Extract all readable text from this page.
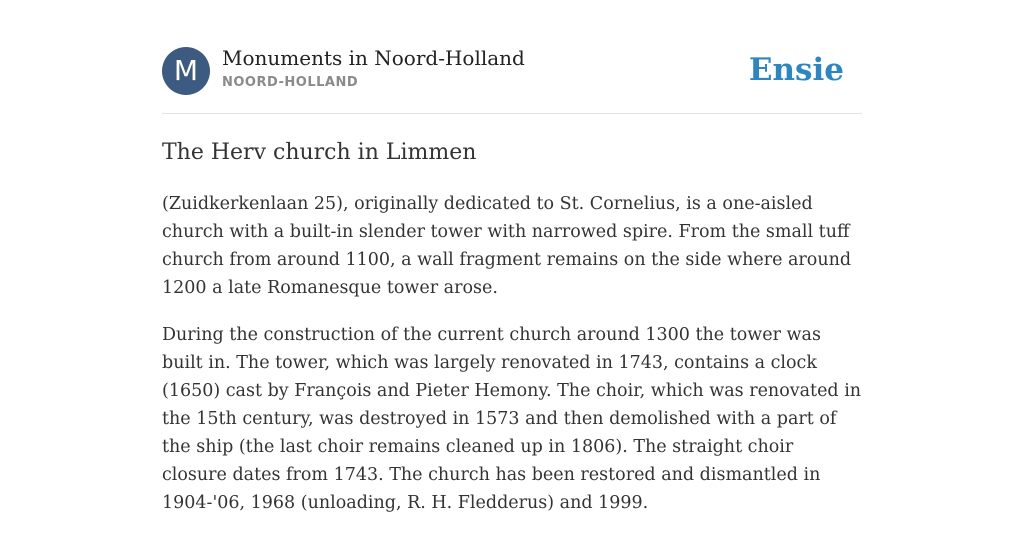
M	Monuments in Noord-Holland
NOORD-HOLLAND	Ensie
The Herv church in Limmen

(Zuidkerkenlaan 25), originally dedicated to St. Cornelius, is a one-aisled church with a built-in slender tower with narrowed spire. From the small tuff church from around 1100, a wall fragment remains on the side where around 1200 a late Romanesque tower arose.

During the construction of the current church around 1300 the tower was built in. The tower, which was largely renovated in 1743, contains a clock (1650) cast by François and Pieter Hemony. The choir, which was renovated in the 15th century, was destroyed in 1573 and then demolished with a part of the ship (the last choir remains cleaned up in 1806). The straight choir closure dates from 1743. The church has been restored and dismantled in 1904-'06, 1968 (unloading, R. H. Fledderus) and 1999.
